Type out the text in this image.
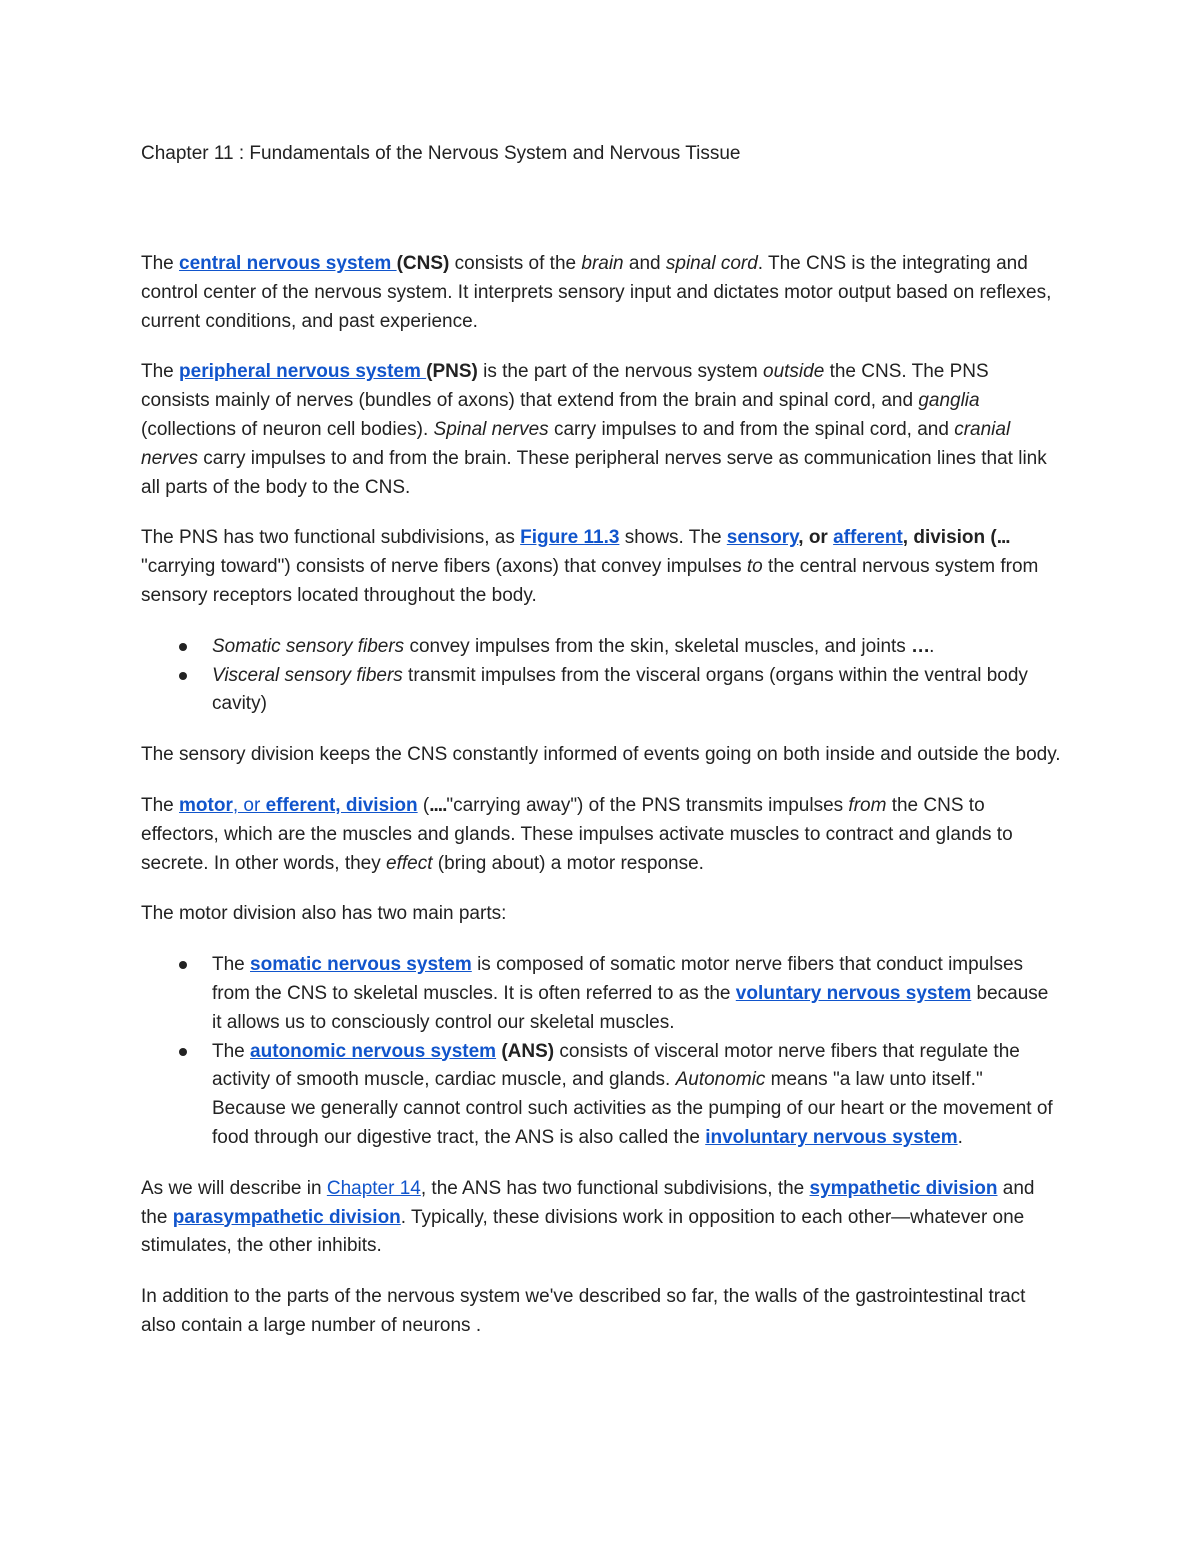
Chapter 11 : Fundamentals of the Nervous System and Nervous Tissue

The central nervous system (CNS) consists of the brain and spinal cord. The CNS is the integrating and control center of the nervous system. It interprets sensory input and dictates motor output based on reflexes, current conditions, and past experience.

The peripheral nervous system (PNS) is the part of the nervous system outside the CNS. The PNS consists mainly of nerves (bundles of axons) that extend from the brain and spinal cord, and ganglia (collections of neuron cell bodies). Spinal nerves carry impulses to and from the spinal cord, and cranial nerves carry impulses to and from the brain. These peripheral nerves serve as communication lines that link all parts of the body to the CNS.

The PNS has two functional subdivisions, as Figure 11.3 shows. The sensory, or afferent, division (... "carrying toward") consists of nerve fibers (axons) that convey impulses to the central nervous system from sensory receptors located throughout the body.

Somatic sensory fibers convey impulses from the skin, skeletal muscles, and joints ….
Visceral sensory fibers transmit impulses from the visceral organs (organs within the ventral body cavity)

The sensory division keeps the CNS constantly informed of events going on both inside and outside the body.

The motor, or efferent, division (...."carrying away") of the PNS transmits impulses from the CNS to effectors, which are the muscles and glands. These impulses activate muscles to contract and glands to secrete. In other words, they effect (bring about) a motor response.

The motor division also has two main parts:

The somatic nervous system is composed of somatic motor nerve fibers that conduct impulses from the CNS to skeletal muscles. It is often referred to as the voluntary nervous system because it allows us to consciously control our skeletal muscles.
The autonomic nervous system (ANS) consists of visceral motor nerve fibers that regulate the activity of smooth muscle, cardiac muscle, and glands. Autonomic means "a law unto itself." Because we generally cannot control such activities as the pumping of our heart or the movement of food through our digestive tract, the ANS is also called the involuntary nervous system.

As we will describe in Chapter 14, the ANS has two functional subdivisions, the sympathetic division and the parasympathetic division. Typically, these divisions work in opposition to each other—whatever one stimulates, the other inhibits.

In addition to the parts of the nervous system we've described so far, the walls of the gastrointestinal tract also contain a large number of neurons .
